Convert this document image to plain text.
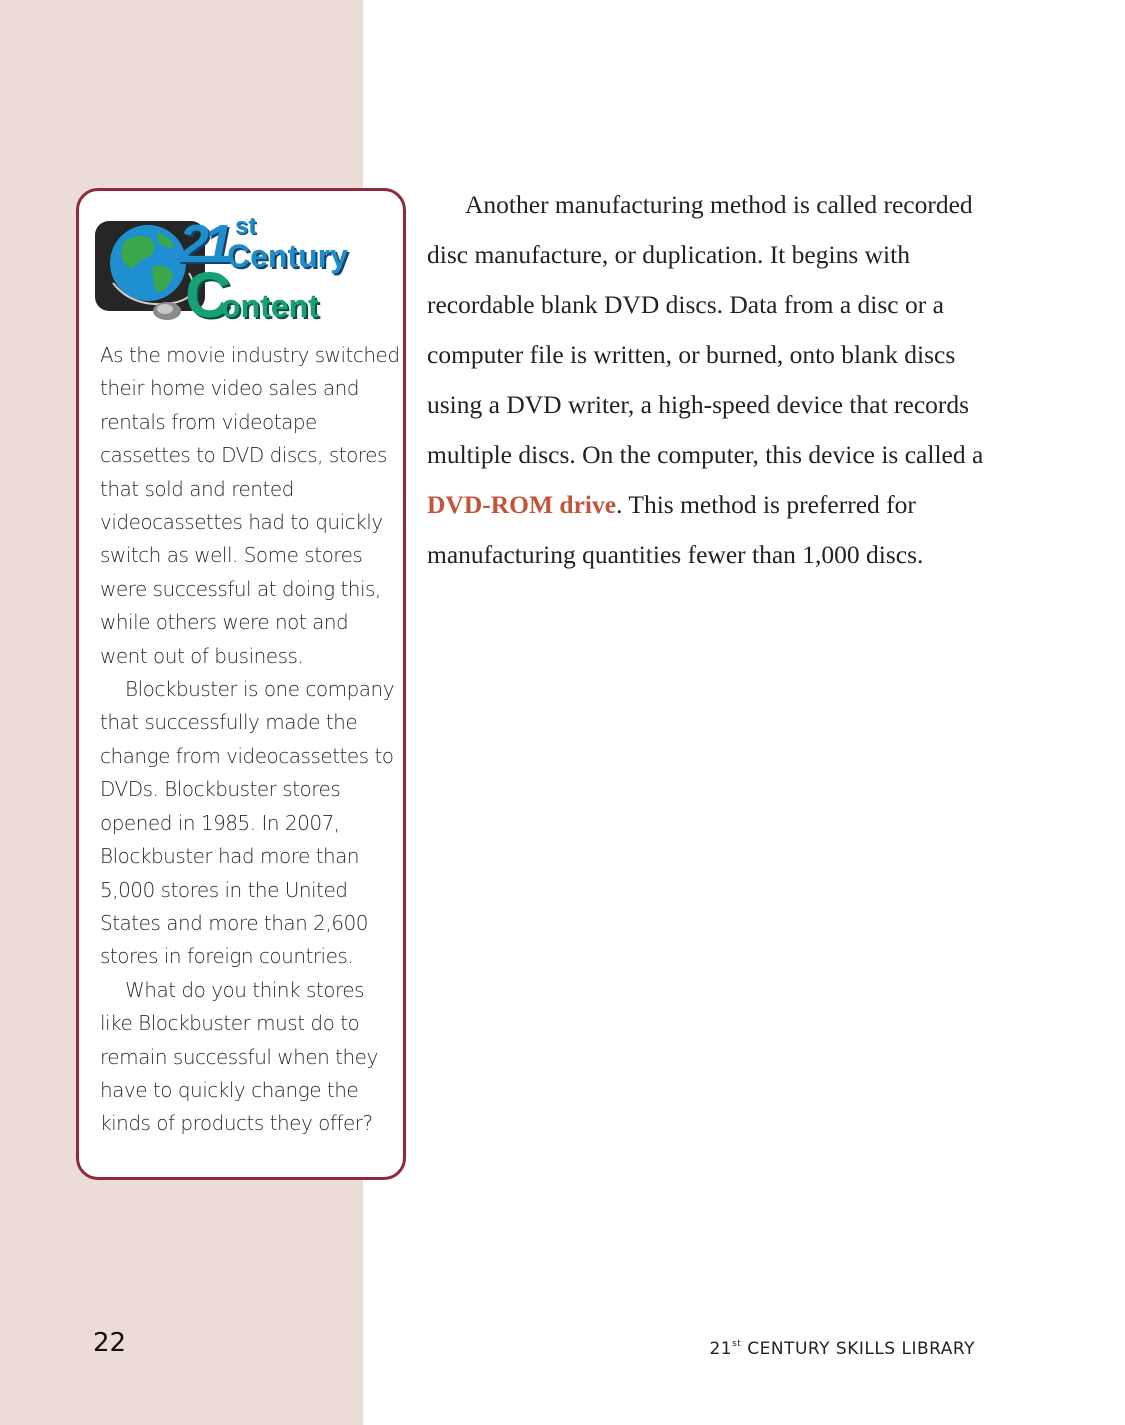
21 st
Century
C
ontent

As the movie industry switched their home video sales and rentals from videotape cassettes to DVD discs, stores that sold and rented videocassettes had to quickly switch as well. Some stores were successful at doing this, while others were not and went out of business.

Blockbuster is one company that successfully made the change from videocassettes to DVDs. Blockbuster stores opened in 1985. In 2007, Blockbuster had more than 5,000 stores in the United States and more than 2,600 stores in foreign countries.

What do you think stores like Blockbuster must do to remain successful when they have to quickly change the kinds of products they offer?

Another manufacturing method is called recorded disc manufacture, or duplication. It begins with recordable blank DVD discs. Data from a disc or a computer file is written, or burned, onto blank discs using a DVD writer, a high-speed device that records multiple discs. On the computer, this device is called a DVD-ROM drive. This method is preferred for manufacturing quantities fewer than 1,000 discs.

22	21st CENTURY SKILLS LIBRARY
